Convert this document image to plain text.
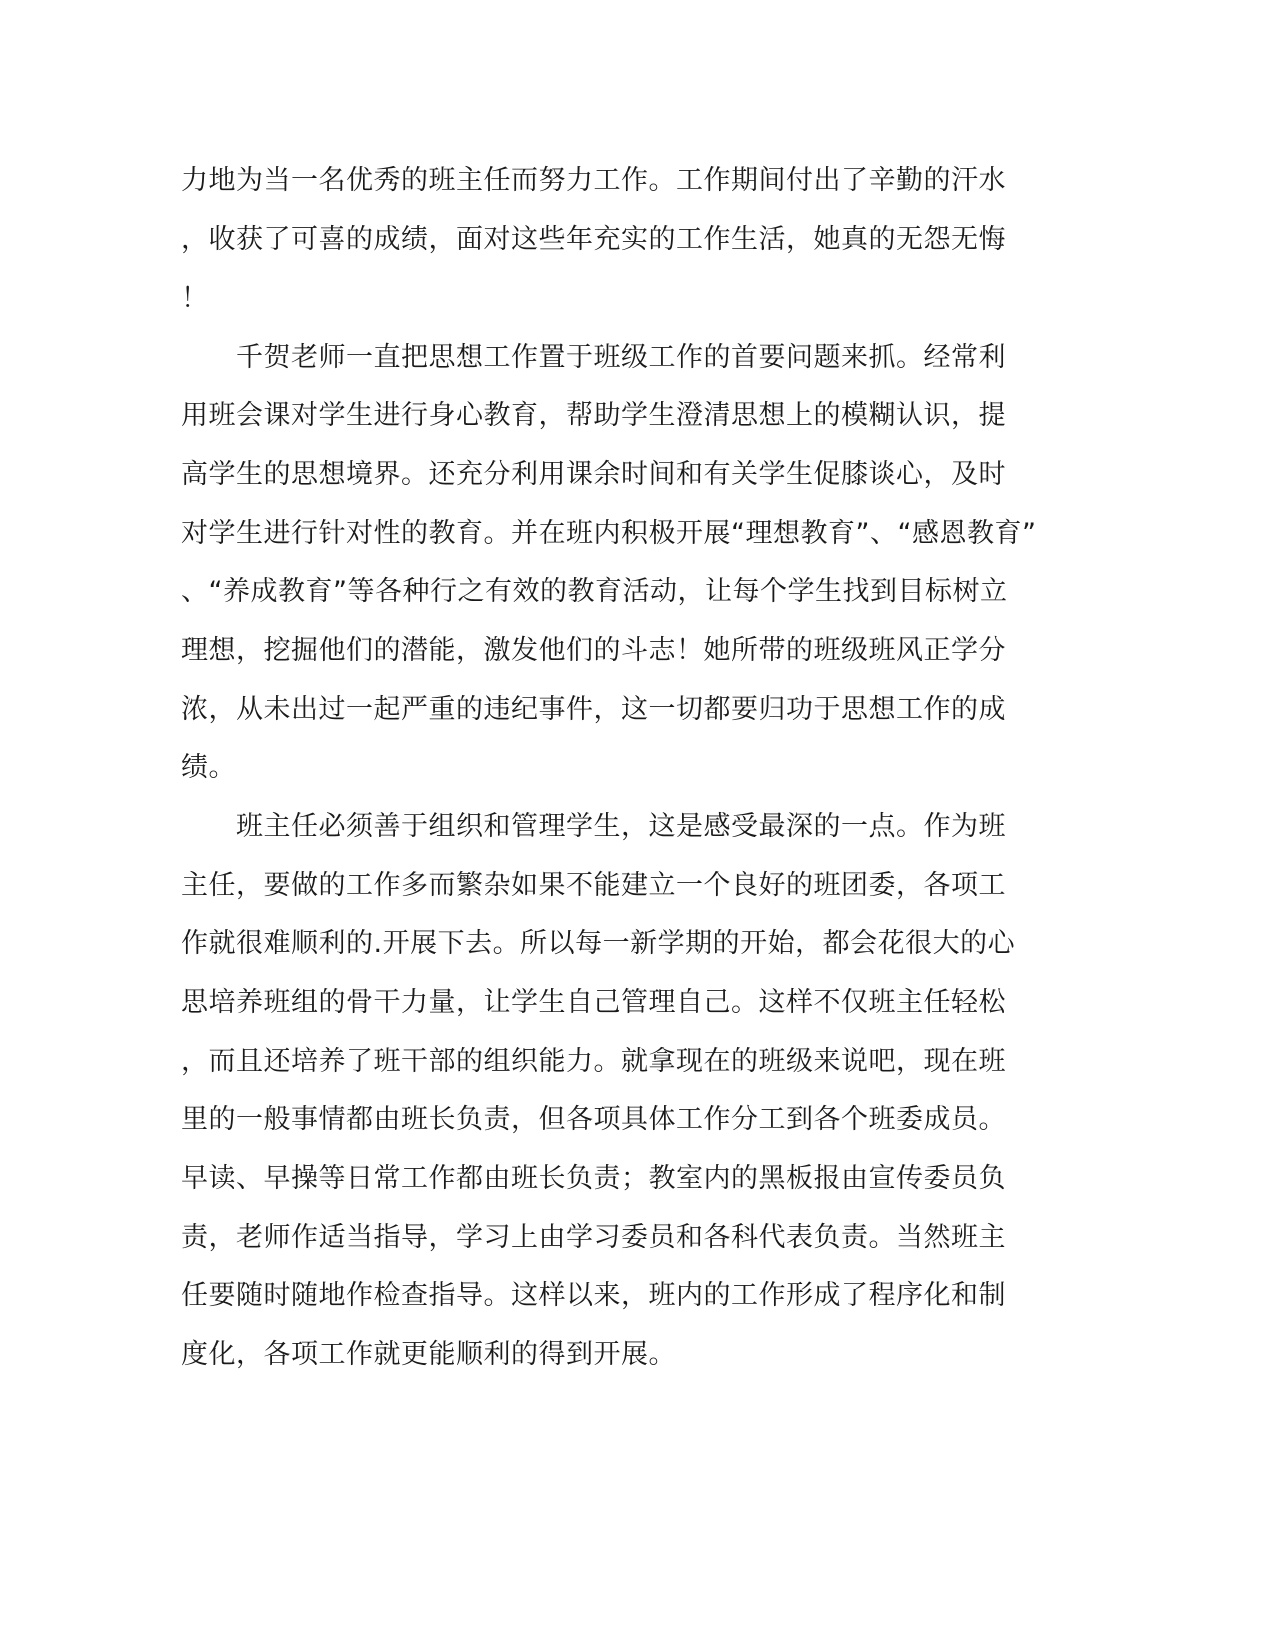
力地为当一名优秀的班主任而努力工作。工作期间付出了辛勤的汗水
，收获了可喜的成绩，面对这些年充实的工作生活，她真的无怨无悔
！
　　千贺老师一直把思想工作置于班级工作的首要问题来抓。经常利
用班会课对学生进行身心教育，帮助学生澄清思想上的模糊认识，提
高学生的思想境界。还充分利用课余时间和有关学生促膝谈心，及时
对学生进行针对性的教育。并在班内积极开展“理想教育”、“感恩教育”
、“养成教育”等各种行之有效的教育活动，让每个学生找到目标树立
理想，挖掘他们的潜能，激发他们的斗志！她所带的班级班风正学分
浓，从未出过一起严重的违纪事件，这一切都要归功于思想工作的成
绩。
　　班主任必须善于组织和管理学生，这是感受最深的一点。作为班
主任，要做的工作多而繁杂如果不能建立一个良好的班团委，各项工
作就很难顺利的.开展下去。所以每一新学期的开始，都会花很大的心
思培养班组的骨干力量，让学生自己管理自己。这样不仅班主任轻松
，而且还培养了班干部的组织能力。就拿现在的班级来说吧，现在班
里的一般事情都由班长负责，但各项具体工作分工到各个班委成员。
早读、早操等日常工作都由班长负责；教室内的黑板报由宣传委员负
责，老师作适当指导，学习上由学习委员和各科代表负责。当然班主
任要随时随地作检查指导。这样以来，班内的工作形成了程序化和制
度化，各项工作就更能顺利的得到开展。
